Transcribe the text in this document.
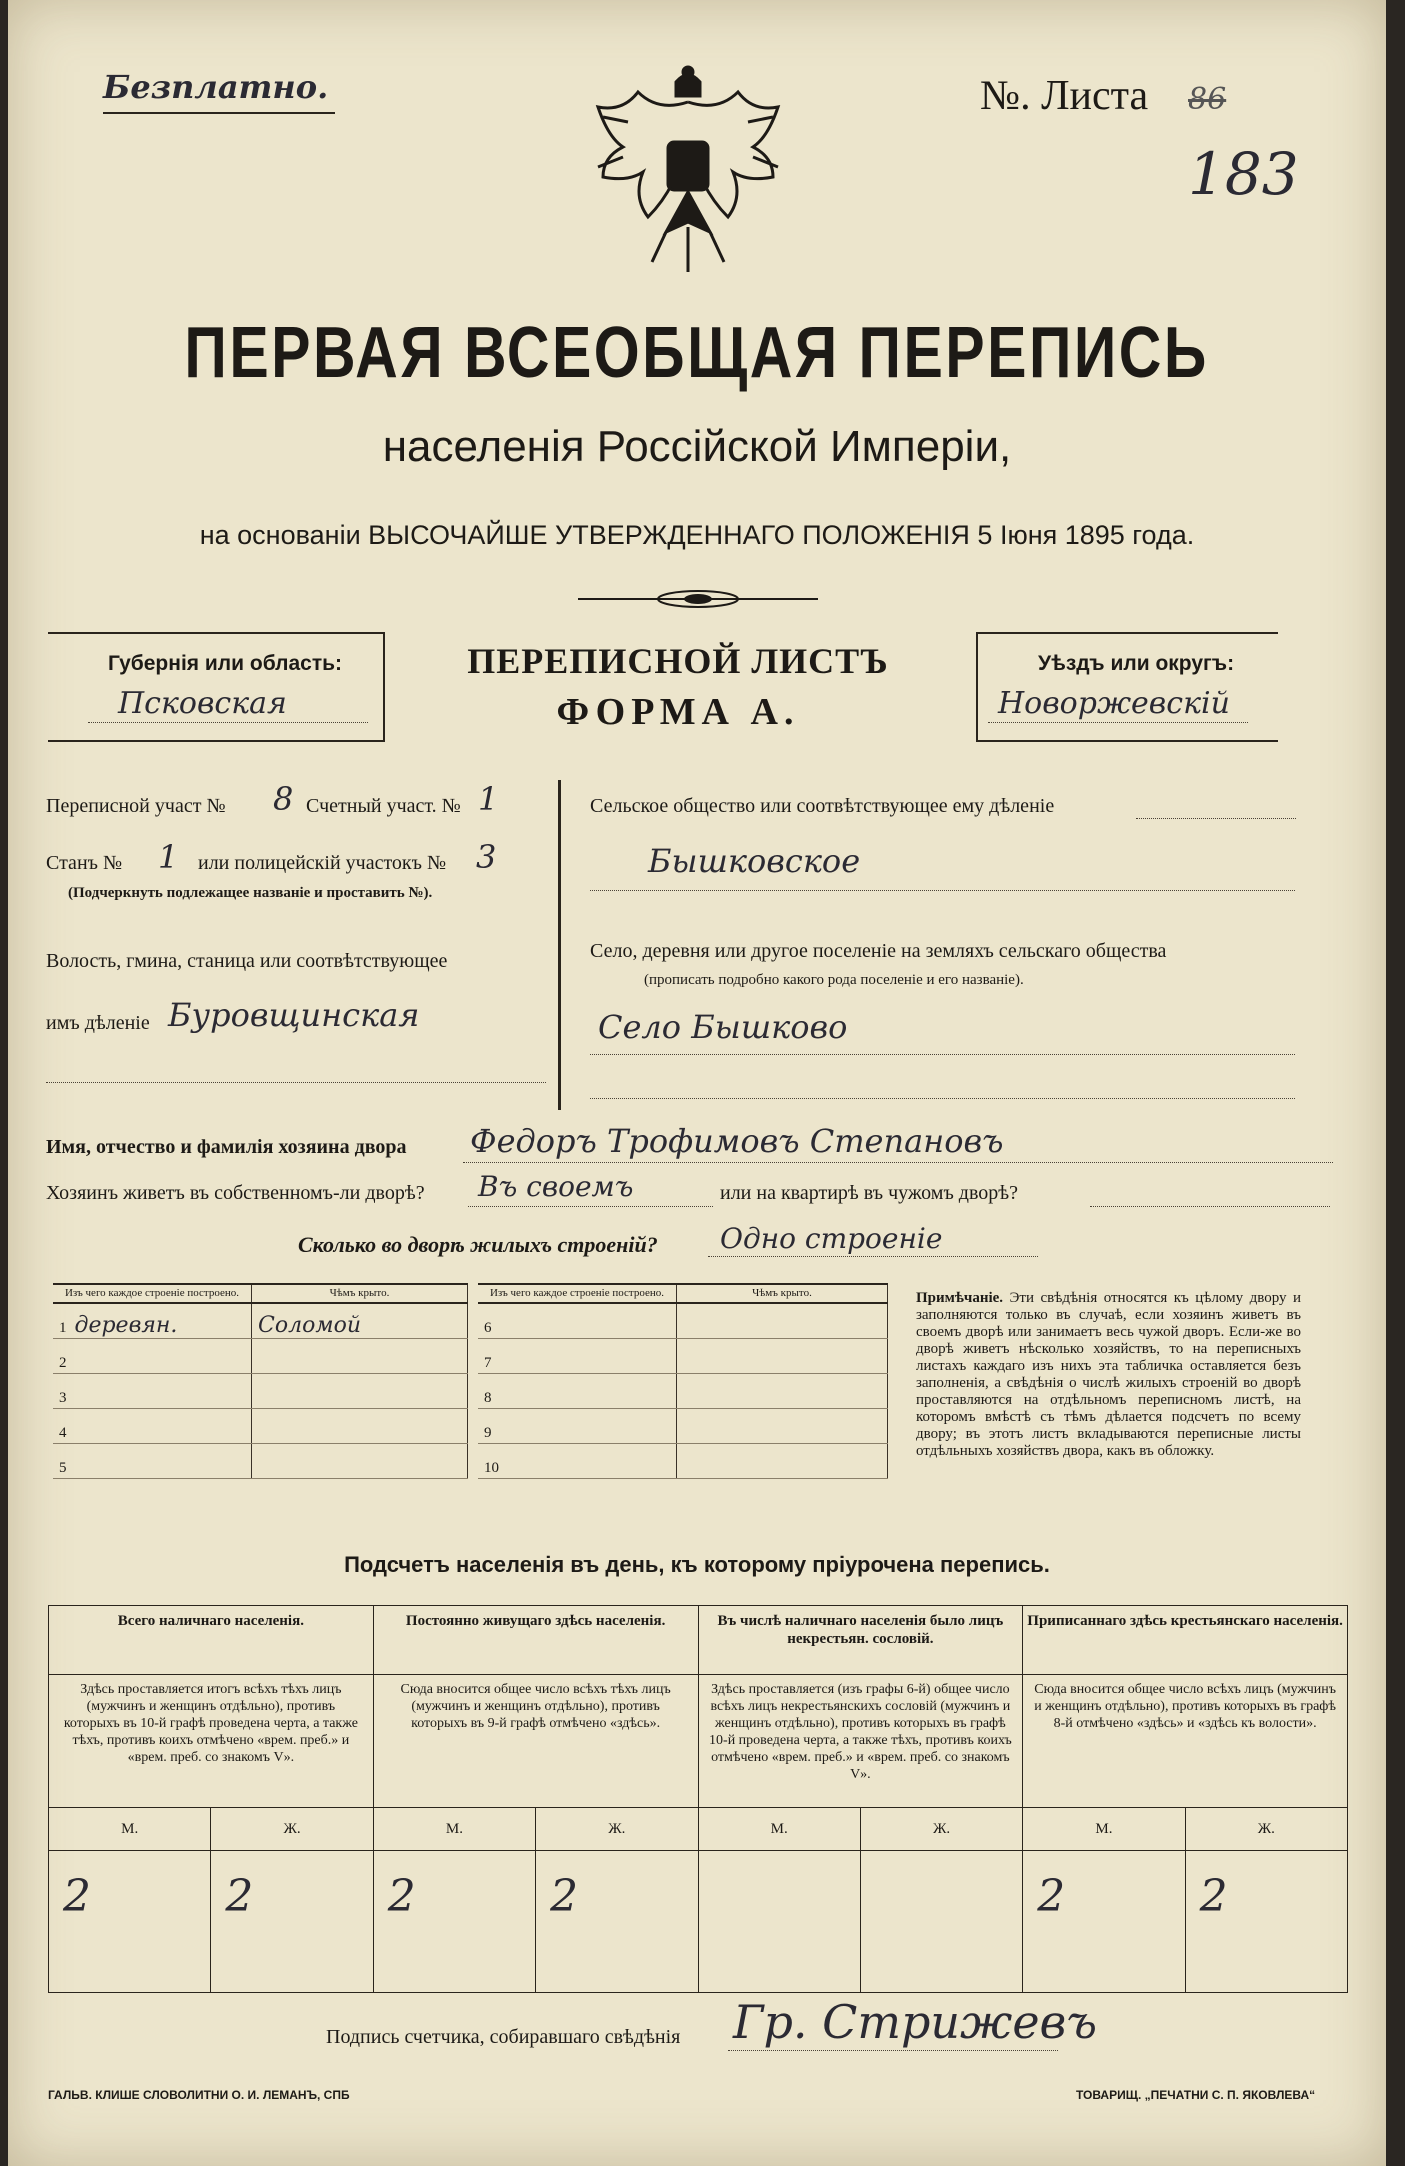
Безплатно.	№. Листа 86
183
ПЕРВАЯ ВСЕОБЩАЯ ПЕРЕПИСЬ
населенія Россійской Имперіи,
на основаніи ВЫСОЧАЙШЕ УТВЕРЖДЕННАГО ПОЛОЖЕНІЯ 5 Іюня 1895 года.
Губернія или область:
Псковская
ПЕРЕПИСНОЙ ЛИСТЪ
ФОРМА А.
Уѣздъ или округъ:
Новоржевскій
Переписной участ № 8 Счетный участ. № 1
Станъ № 1 или полицейскій участокъ № 3
(Подчеркнуть подлежащее названіе и проставить №).
Волость, гмина, станица или соотвѣтствующее
имъ дѣленіе Буровщинская
Сельское общество или соотвѣтствующее ему дѣленіе
Бышковское
Село, деревня или другое поселеніе на земляхъ сельскаго общества
(прописать подробно какого рода поселеніе и его названіе).
Село Бышково
Имя, отчество и фамилія хозяина двора Федоръ Трофимовъ Степановъ
Хозяинъ живетъ въ собственномъ-ли дворѣ? Въ своемъ	или на квартирѣ въ чужомъ дворѣ?
Сколько во дворѣ жилыхъ строеній? Одно строеніе
Изъ чего каждое строеніе построено.	Чѣмъ крыто.
1 деревян.	Соломой
2	
3	
4	
5	
Изъ чего каждое строеніе построено.	Чѣмъ крыто.
6	
7	
8	
9	
10	
Примѣчаніе. Эти свѣдѣнія относятся къ цѣлому двору и заполняются только въ случаѣ, если хозяинъ живетъ въ своемъ дворѣ или занимаетъ весь чужой дворъ. Если-же во дворѣ живетъ нѣсколько хозяйствъ, то на переписныхъ листахъ каждаго изъ нихъ эта табличка оставляется безъ заполненія, а свѣдѣнія о числѣ жилыхъ строеній во дворѣ проставляются на отдѣльномъ переписномъ листѣ, на которомъ вмѣстѣ съ тѣмъ дѣлается подсчетъ по всему двору; въ этотъ листъ вкладываются переписные листы отдѣльныхъ хозяйствъ двора, какъ въ обложку.
Подсчетъ населенія въ день, къ которому пріурочена перепись.
Всего наличнаго населенія.		Постоянно живущаго здѣсь населенія.		Въ числѣ наличнаго населенія было лицъ некрестьян. сословій.		Приписаннаго здѣсь крестьянскаго населенія.	
Здѣсь проставляется итогъ всѣхъ тѣхъ лицъ (мужчинъ и женщинъ отдѣльно), противъ которыхъ въ 10-й графѣ проведена черта, а также тѣхъ, противъ коихъ отмѣчено «врем. преб.» и «врем. преб. со знакомъ V».		Сюда вносится общее число всѣхъ тѣхъ лицъ (мужчинъ и женщинъ отдѣльно), противъ которыхъ въ 9-й графѣ отмѣчено «здѣсь».		Здѣсь проставляется (изъ графы 6-й) общее число всѣхъ лицъ некрестьянскихъ сословій (мужчинъ и женщинъ отдѣльно), противъ которыхъ въ графѣ 10-й проведена черта, а также тѣхъ, противъ коихъ отмѣчено «врем. преб.» и «врем. преб. со знакомъ V».		Сюда вносится общее число всѣхъ лицъ (мужчинъ и женщинъ отдѣльно), противъ которыхъ въ графѣ 8-й отмѣчено «здѣсь» и «здѣсь къ волости».	
М.	Ж.	М.	Ж.	М.	Ж.	М.	Ж.
2	2	2	2			2	2
Подпись счетчика, собиравшаго свѣдѣнія Гр. Стрижевъ
ГАЛЬВ. КЛИШЕ СЛОВОЛИТНИ О. И. ЛЕМАНЪ, СПБ	ТОВАРИЩ. „ПЕЧАТНИ С. П. ЯКОВЛЕВА“
